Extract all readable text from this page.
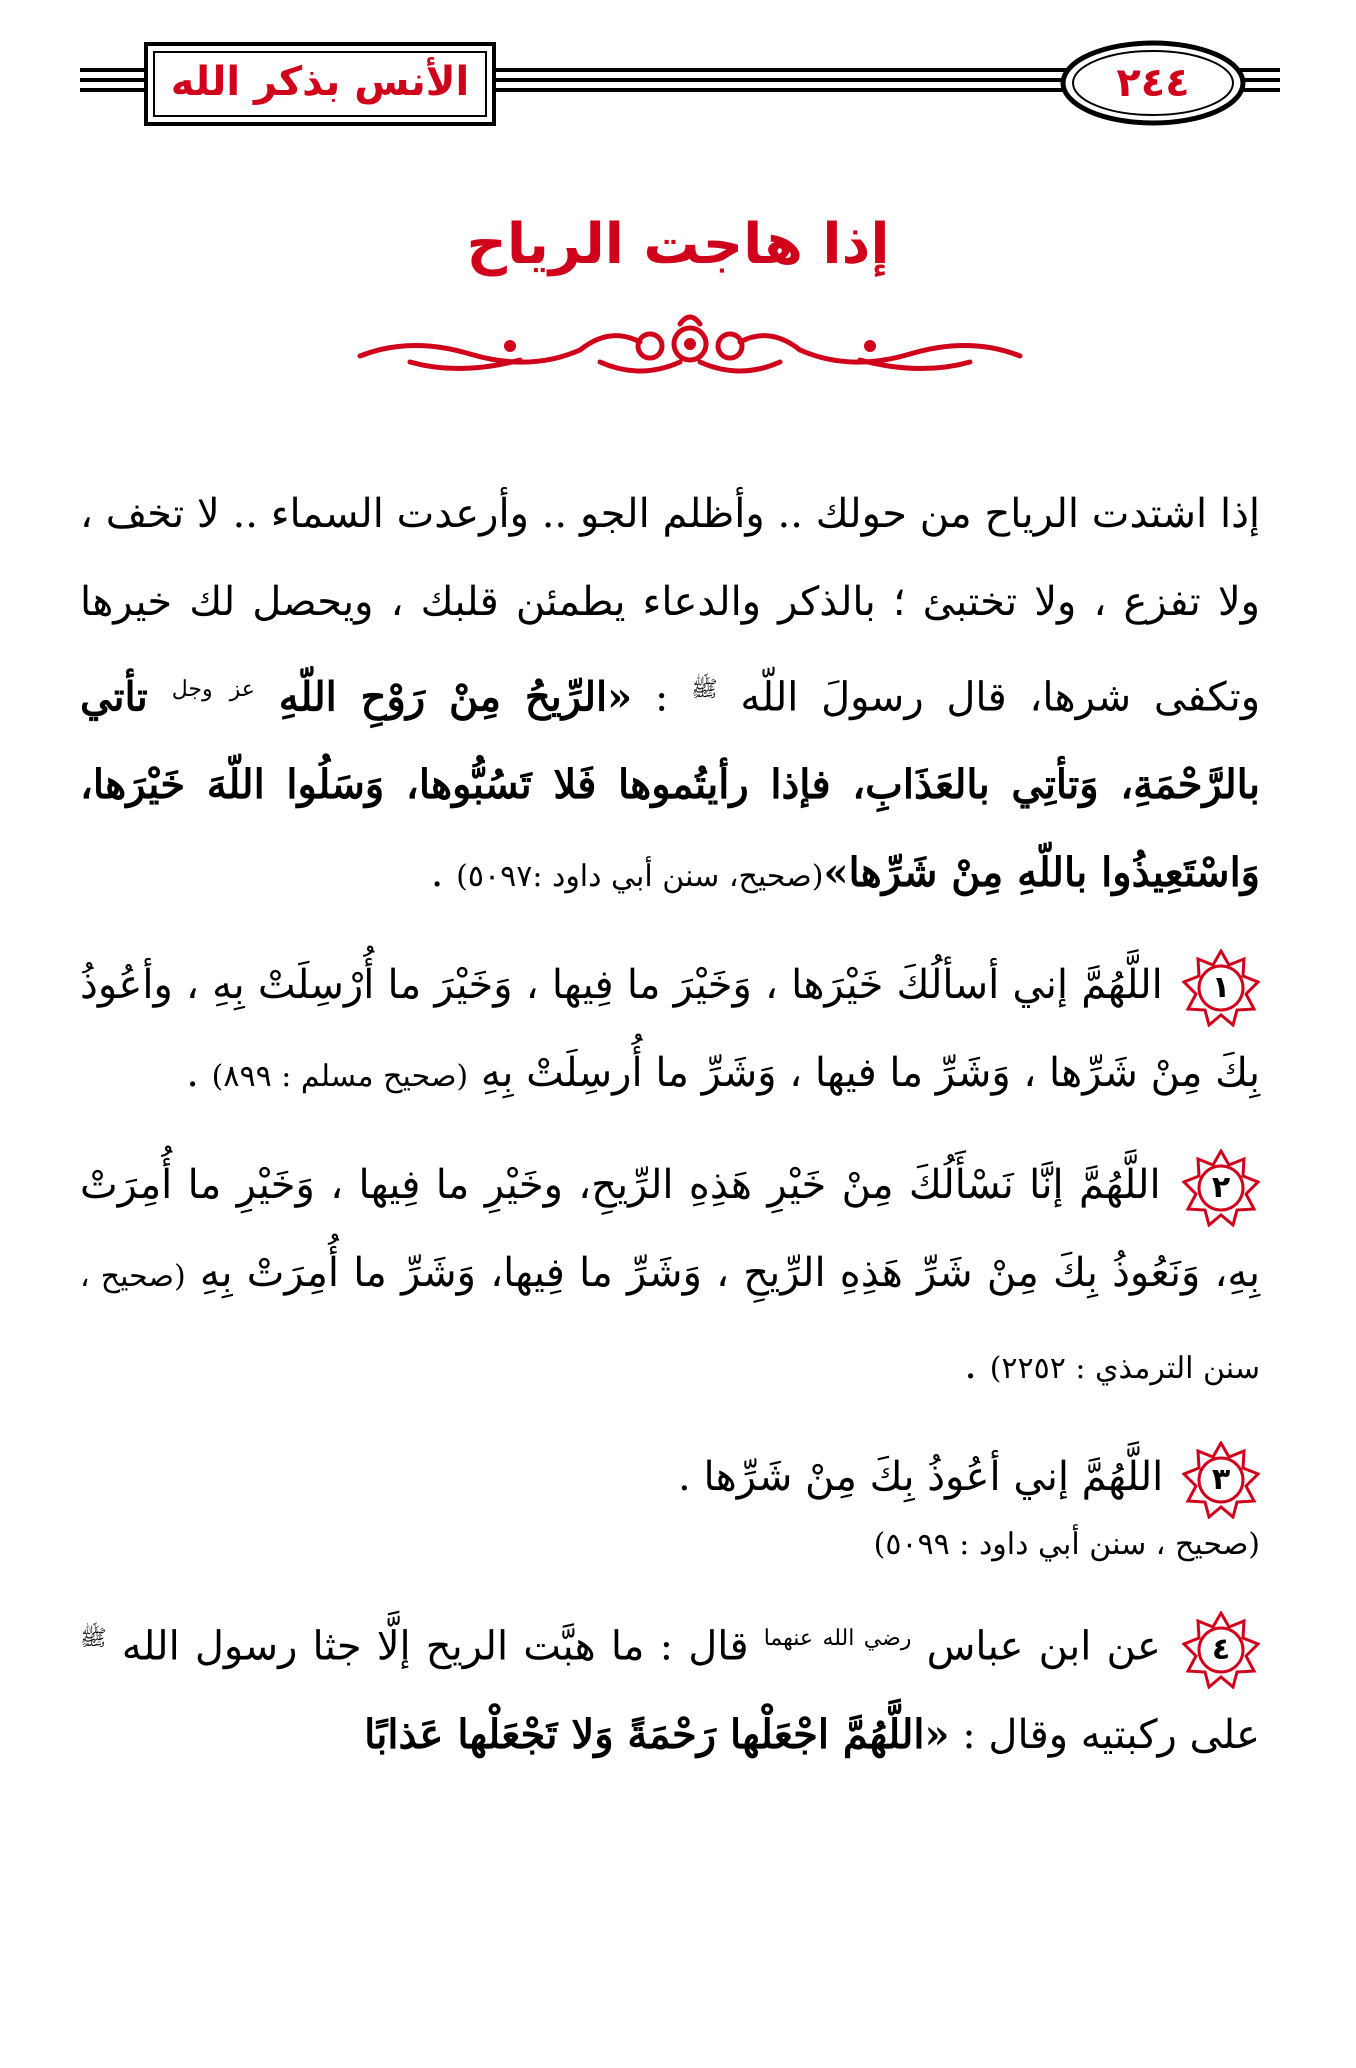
الأنس بذكر الله	٢٤٤
إذا هاجت الرياح

إذا اشتدت الرياح من حولك .. وأظلم الجو .. وأرعدت السماء .. لا تخف ، ولا تفزع ، ولا تختبئ ؛ بالذكر والدعاء يطمئن قلبك ، ويحصل لك خيرها وتكفى شرها، قال رسولَ اللّه $^ﷺ$ : «الرِّيحُ مِنْ رَوْحِ اللّهِ $^{عز وجل}$ تأتي بالرَّحْمَةِ، وَتأتِي بالعَذَابِ، فإذا رأيتُموها فَلا تَسُبُّوها، وَسَلُوا اللّهَ خَيْرَها، وَاسْتَعِيذُوا باللّهِ مِنْ شَرِّها»(صحيح، سنن أبي داود :٥٠٩٧) .

١
اللَّهُمَّ إني أسألُكَ خَيْرَها ، وَخَيْرَ ما فِيها ، وَخَيْرَ ما أُرْسِلَتْ بِهِ ، وأعُوذُ بِكَ مِنْ شَرِّها ، وَشَرِّ ما فيها ، وَشَرِّ ما أُرسِلَتْ بِهِ (صحيح مسلم : ٨٩٩) .

٢
اللَّهُمَّ إنَّا نَسْأَلُكَ مِنْ خَيْرِ هَذِهِ الرِّيحِ، وخَيْرِ ما فِيها ، وَخَيْرِ ما أُمِرَتْ بِهِ، وَنَعُوذُ بِكَ مِنْ شَرِّ هَذِهِ الرِّيحِ ، وَشَرِّ ما فِيها، وَشَرِّ ما أُمِرَتْ بِهِ (صحيح ، سنن الترمذي : ٢٢٥٢) .

٣
اللَّهُمَّ إني أعُوذُ بِكَ مِنْ شَرِّها .

(صحيح ، سنن أبي داود : ٥٠٩٩)

٤
عن ابن عباس $^{رضي الله عنهما}$ قال : ما هبَّت الريح إلَّا جثا رسول الله $^ﷺ$ على ركبتيه وقال : «اللَّهُمَّ اجْعَلْها رَحْمَةً وَلا تَجْعَلْها عَذابًا
